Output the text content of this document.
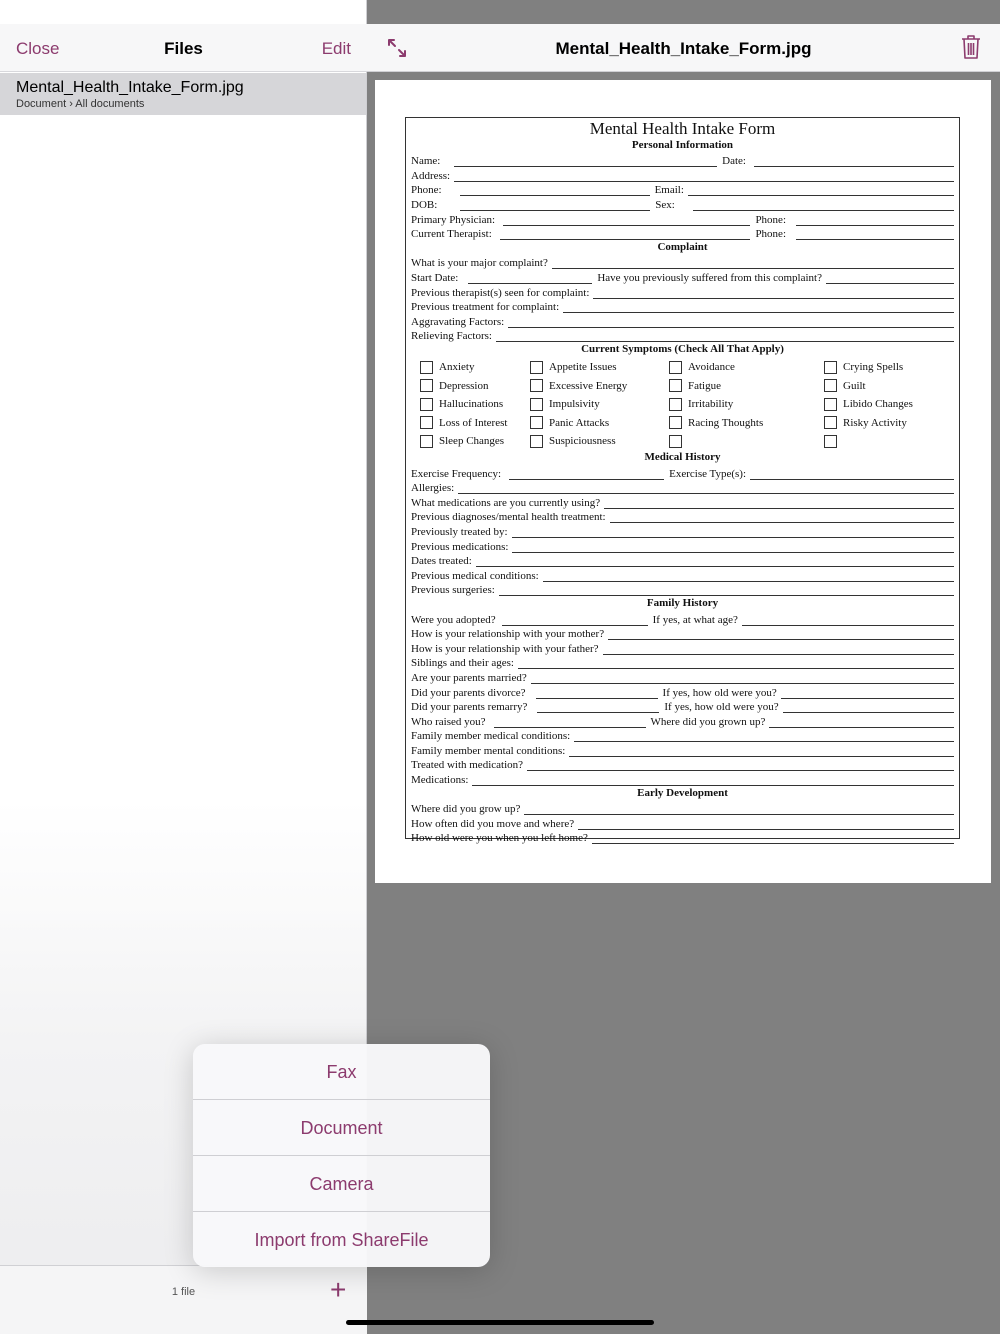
Close	Files	Edit
Mental_Health_Intake_Form.jpg
Document › All documents
1 file	+
Mental_Health_Intake_Form.jpg
Mental Health Intake Form
Personal Information
Name:	Date:
Address:
Phone:	Email:
DOB:	Sex:
Primary Physician:	Phone:
Current Therapist:	Phone:
Complaint
What is your major complaint?
Start Date:	Have you previously suffered from this complaint?
Previous therapist(s) seen for complaint:
Previous treatment for complaint:
Aggravating Factors:
Relieving Factors:
Current Symptoms (Check All That Apply)
Anxiety	Appetite Issues	Avoidance	Crying Spells
Depression	Excessive Energy	Fatigue	Guilt
Hallucinations	Impulsivity	Irritability	Libido Changes
Loss of Interest	Panic Attacks	Racing Thoughts	Risky Activity
Sleep Changes	Suspiciousness
Medical History
Exercise Frequency:	Exercise Type(s):
Allergies:
What medications are you currently using?
Previous diagnoses/mental health treatment:
Previously treated by:
Previous medications:
Dates treated:
Previous medical conditions:
Previous surgeries:
Family History
Were you adopted?	If yes, at what age?
How is your relationship with your mother?
How is your relationship with your father?
Siblings and their ages:
Are your parents married?
Did your parents divorce?	If yes, how old were you?
Did your parents remarry?	If yes, how old were you?
Who raised you?	Where did you grown up?
Family member medical conditions:
Family member mental conditions:
Treated with medication?
Medications:
Early Development
Where did you grow up?
How often did you move and where?
How old were you when you left home?
Fax
Document
Camera
Import from ShareFile
